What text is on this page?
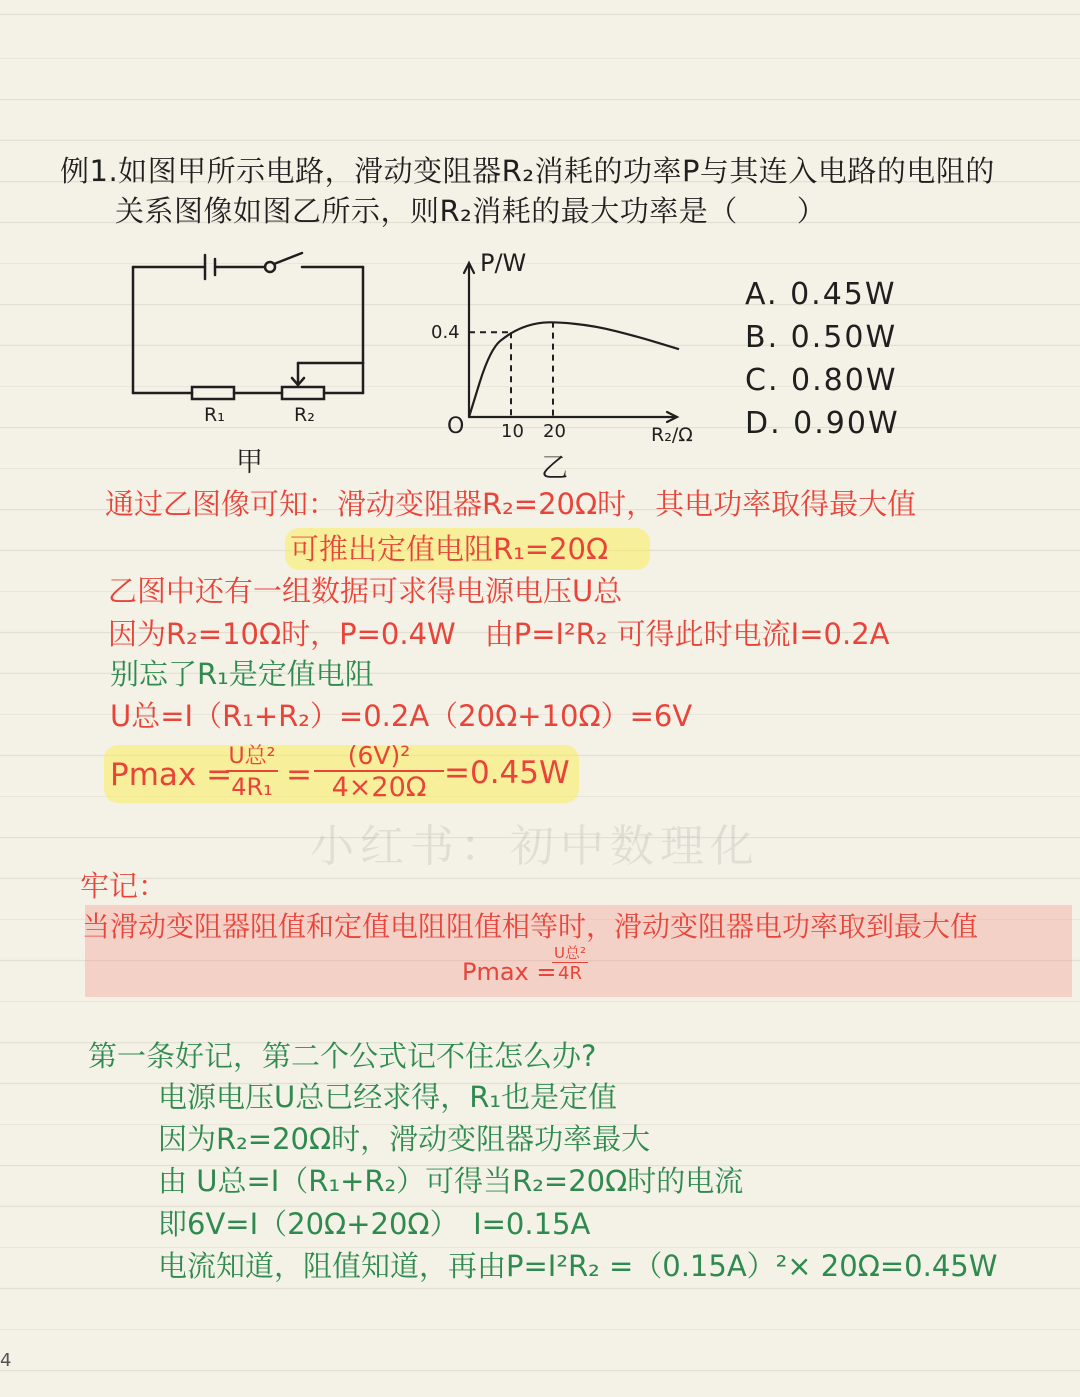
例1.如图甲所示电路，滑动变阻器R₂消耗的功率P与其连入电路的电阻的
关系图像如图乙所示，则R₂消耗的最大功率是（　　）
R₁	R₂
甲
P/W
R₂/Ω
O
0.4
10 20
乙
A. 0.45W
B. 0.50W
C. 0.80W
D. 0.90W
小红书：初中数理化
通过乙图像可知：滑动变阻器R₂=20Ω时，其电功率取得最大值
可推出定值电阻R₁=20Ω
乙图中还有一组数据可求得电源电压U总
因为R₂=10Ω时，P=0.4W　由P=I²R₂ 可得此时电流I=0.2A
别忘了R₁是定值电阻
U总=I（R₁+R₂）=0.2A（20Ω+10Ω）=6V
Pmax =
U总²
4R₁ =
(6V)²
4×20Ω =0.45W
牢记：
当滑动变阻器阻值和定值电阻阻值相等时，滑动变阻器电功率取到最大值
Pmax =
U总²
4R
第一条好记，第二个公式记不住怎么办?
电源电压U总已经求得，R₁也是定值
因为R₂=20Ω时，滑动变阻器功率最大
由 U总=I（R₁+R₂）可得当R₂=20Ω时的电流
即6V=I（20Ω+20Ω）　I=0.15A
电流知道，阻值知道，再由P=I²R₂ =（0.15A）²× 20Ω=0.45W
4
